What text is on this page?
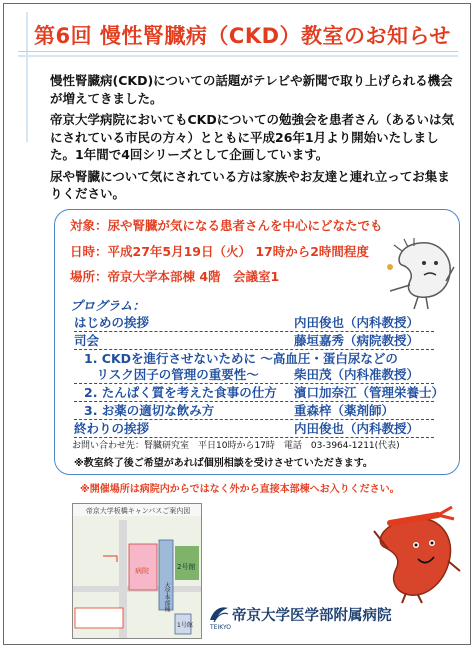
第6回 慢性腎臓病（CKD）教室のお知らせ

慢性腎臓病(CKD)についての話題がテレビや新聞で取り上げられる機会が増えてきました。

帝京大学病院においてもCKDについての勉強会を患者さん（あるいは気にされている市民の方々）とともに平成26年1月より開始いたしました。1年間で4回シリーズとして企画しています。

尿や腎臓について気にされている方は家族やお友達と連れ立ってお集まりください。

対象：尿や腎臓が気になる患者さんを中心にどなたでも
日時：平成27年5月19日（火） 17時から2時間程度
場所：帝京大学本部棟 4階　会議室1
プログラム：
はじめの挨拶	内田俊也（内科教授）
司会	藤垣嘉秀（病院教授）
1. CKDを進行させないために ～高血圧・蛋白尿などの
　リスク因子の管理の重要性～	柴田茂（内科准教授）
2. たんぱく質を考えた食事の仕方 濱口加奈江（管理栄養士）
3. お薬の適切な飲み方	重森梓（薬剤師）
終わりの挨拶	内田俊也（内科教授）
お問い合わせ先：腎臓研究室　平日10時から17時　電話　03-3964-1211(代表)
※教室終了後ご希望があれば個別相談を受けさせていただきます。
※開催場所は病院内からではなく外から直接本部棟へお入りください。
帝京大学板橋キャンパスご案内図
病院
大学本部棟
2号館
1号館
帝京大学医学部附属病院
TEIKYO
